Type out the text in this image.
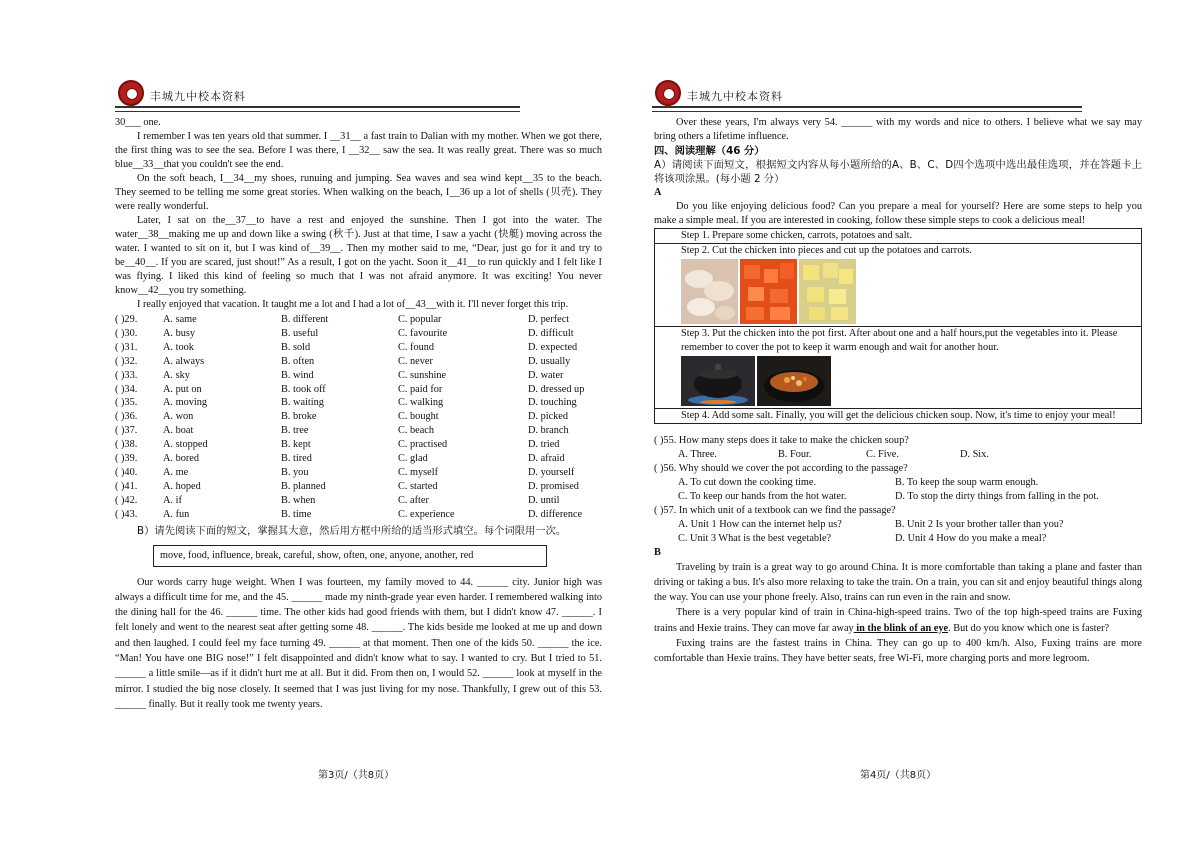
丰城九中校本资料

30___ one.

I remember I was ten years old that summer. I __31__ a fast train to Dalian with my mother. When we got there, the first thing was to see the sea. Before I was there, I __32__ saw the sea. It was really great. There was so much blue__33__that you couldn't see the end.

On the soft beach, I__34__my shoes, runuing and jumping. Sea waves and sea wind kept__35 to the beach. They seemed to be telling me some great stories. When walking on the beach, I__36 up a lot of shells (贝壳). They were really wonderful.

Later, I sat on the__37__to have a rest and enjoyed the sunshine. Then I got into the water. The water__38__making me up and down like a swing (秋千). Just at that time, I saw a yacht (快艇) moving across the water. I wanted to sit on it, but I was kind of__39__. Then my mother said to me, “Dear, just go for it and try to be__40__. If you are scared, just shout!” As a result, I got on the yacht. Soon it__41__to run quickly and I felt like I was flying. I liked this kind of feeling so much that I was not afraid anymore. It was exciting! You never know__42__you try something.

I really enjoyed that vacation. It taught me a lot and I had a lot of__43__with it. I'll never forget this trip.

( )29.	A. same	B. different	C. popular	D. perfect
( )30.	A. busy	B. useful	C. favourite	D. difficult
( )31.	A. took	B. sold	C. found	D. expected
( )32.	A. always	B. often	C. never	D. usually
( )33.	A. sky	B. wind	C. sunshine	D. water
( )34.	A. put on	B. took off	C. paid for	D. dressed up
( )35.	A. moving	B. waiting	C. walking	D. touching
( )36.	A. won	B. broke	C. bought	D. picked
( )37.	A. boat	B. tree	C. beach	D. branch
( )38.	A. stopped	B. kept	C. practised	D. tried
( )39.	A. bored	B. tired	C. glad	D. afraid
( )40.	A. me	B. you	C. myself	D. yourself
( )41.	A. hoped	B. planned	C. started	D. promised
( )42.	A. if	B. when	C. after	D. until
( )43.	A. fun	B. time	C. experience	D. difference

B）请先阅读下面的短文，掌握其大意，然后用方框中所给的适当形式填空。每个词限用一次。

move, food, influence, break, careful, show, often, one, anyone, another, red

Our words carry huge weight. When I was fourteen, my family moved to 44. ______ city. Junior high was always a difficult time for me, and the 45. ______ made my ninth-grade year even harder. I remembered walking into the dining hall for the 46. ______ time. The other kids had good friends with them, but I didn't know 47. ______. I felt lonely and went to the nearest seat after getting some 48. ______. The kids beside me looked at me up and down and then laughed. I could feel my face turning 49. ______ at that moment. Then one of the kids 50. ______ the ice. “Man! You have one BIG nose!” I felt disappointed and didn't know what to say. I wanted to cry. But I tried to 51. ______ a little smile—as if it didn't hurt me at all. But it did. From then on, I would 52. ______ look at myself in the mirror. I studied the big nose closely. It seemed that I was just living for my nose. Thankfully, I grew out of this 53. ______ finally. But it really took me twenty years.

第3页/（共8页）
丰城九中校本资料

Over these years, I'm always very 54. ______ with my words and nice to others. I believe what we say may bring others a lifetime influence.

四、阅读理解（46 分）

A）请阅读下面短文，根据短文内容从每小题所给的A、B、C、D四个选项中选出最佳选项，并在答题卡上将该项涂黑。(每小题 2 分）

A

Do you like enjoying delicious food? Can you prepare a meal for yourself? Here are some steps to help you make a simple meal. If you are interested in cooking, follow these simple steps to cook a delicious meal!

Step 1. Prepare some chicken, carrots, potatoes and salt.

Step 2. Cut the chicken into pieces and cut up the potatoes and carrots.

Step 3. Put the chicken into the pot first. After about one and a half hours,put the vegetables into it. Please remember to cover the pot to keep it warm enough and wait for another hour.

Step 4. Add some salt. Finally, you will get the delicious chicken soup. Now, it's time to enjoy your meal!

( )55. How many steps does it take to make the chicken soup?

A. Three.	B. Four.	C. Five.	D. Six.

( )56. Why should we cover the pot according to the passage?

A. To cut down the cooking time.	B. To keep the soup warm enough.
C. To keep our hands from the hot water.	D. To stop the dirty things from falling in the pot.

( )57. In which unit of a textbook can we find the passage?

A. Unit 1 How can the internet help us?	B. Unit 2 Is your brother taller than you?
C. Unit 3 What is the best vegetable?	D. Unit 4 How do you make a meal?

B

Traveling by train is a great way to go around China. It is more comfortable than taking a plane and faster than driving or taking a bus. It's also more relaxing to take the train. On a train, you can sit and enjoy beautiful things along the way. You can use your phone freely. Also, trains can run even in the rain and snow.

There is a very popular kind of train in China-high-speed trains. Two of the top high-speed trains are Fuxing trains and Hexie trains. They can move far away in the blink of an eye. But do you know which one is faster?

Fuxing trains are the fastest trains in China. They can go up to 400 km/h. Also, Fuxing trains are more comfortable than Hexie trains. They have better seats, free Wi-Fi, more charging ports and more legroom.

第4页/（共8页）
